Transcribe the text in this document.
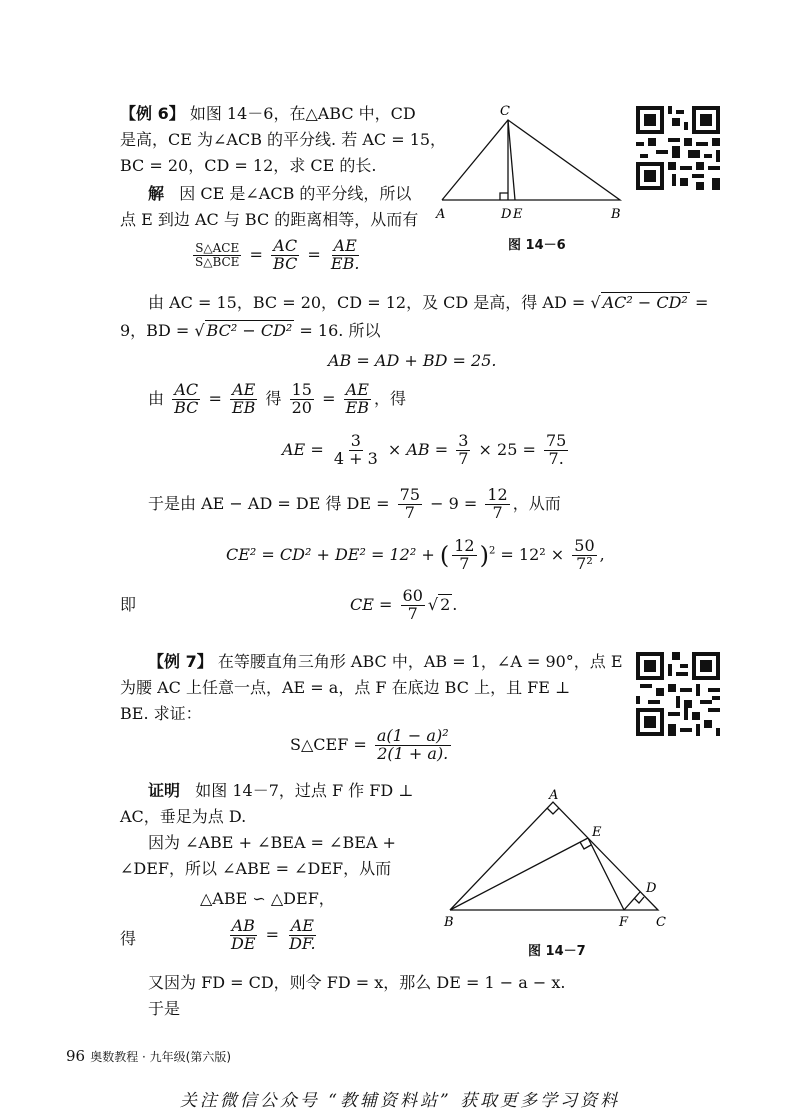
【例 6】 如图 14－6，在△ABC 中，CD
是高，CE 为∠ACB 的平分线. 若 AC = 15，
BC = 20，CD = 12，求 CE 的长.
解 因 CE 是∠ACB 的平分线，所以
点 E 到边 AC 与 BC 的距离相等，从而有
$\frac{\text{S△ACE}}{\text{S△BCE}} = \frac{AC}{BC} = \frac{AE}{EB.}$
由 AC = 15，BC = 20，CD = 12，及 CD 是高，得 AD = √ AC² − CD² =
9，BD = √ BC² − CD² = 16. 所以
AB = AD + BD = 25.
由 $\frac{AC}{BC} = \frac{AE}{EB}$ 得 $\frac{15}{20} = \frac{AE}{EB}$ ，得
AE = $\frac{3}{4 + 3}$ × AB = $\frac{3}{7} \times 25 = \frac{75}{7.}$
于是由 AE − AD = DE 得 DE = $\frac{75}{7} - 9 = \frac{12}{7}$ ，从而
CE² = CD² + DE² = 12² + ( $\frac{12}{7} )^2 = 12^2 \times \frac{50}{\text{7²}}$ ,
即	CE = $\frac{60}{7}$ √ 2 .
C
A	D E	B
图 14－6
【例 7】 在等腰直角三角形 ABC 中，AB = 1，∠A = 90°，点 E
为腰 AC 上任意一点，AE = a，点 F 在底边 BC 上，且 FE ⊥
BE. 求证：
S△CEF = $\frac{\text{a(1 − a)²}}{2(1 + a).}$
证明 如图 14－7，过点 F 作 FD ⊥
AC，垂足为点 D.
因为 ∠ABE + ∠BEA = ∠BEA +
∠DEF，所以 ∠ABE = ∠DEF，从而
△ABE ∽ △DEF，
得	$\frac{AB}{DE} = \frac{AE}{DF.}$
又因为 FD = CD，则令 FD = x，那么 DE = 1 − a − x.
于是
A
E
D
B	F C
图 14－7
96 奥数教程 · 九年级(第六版)
关注微信公众号 “教辅资料站” 获取更多学习资料
